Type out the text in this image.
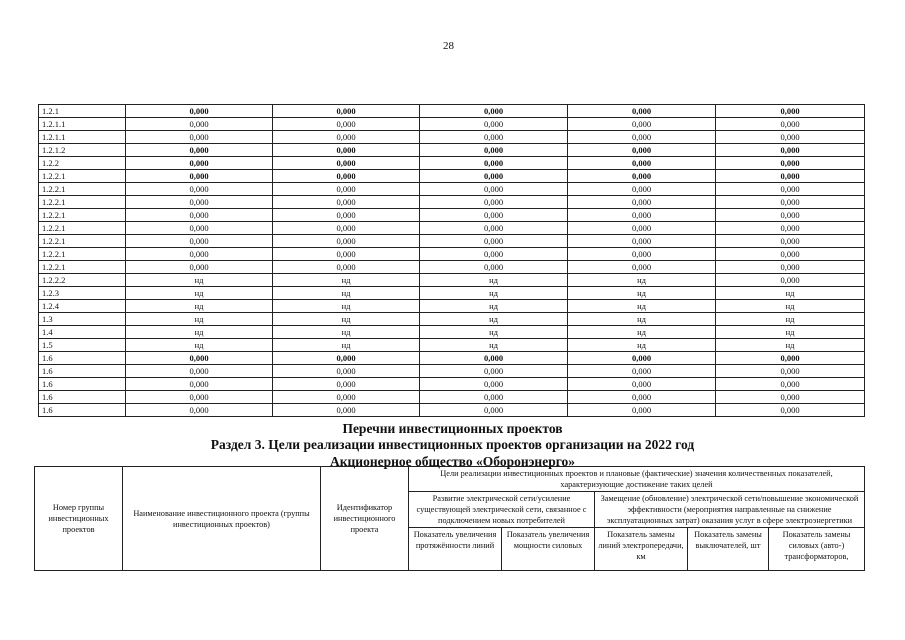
28
1.2.1	0,000	0,000	0,000	0,000	0,000
1.2.1.1	0,000	0,000	0,000	0,000	0,000
1.2.1.1	0,000	0,000	0,000	0,000	0,000
1.2.1.2	0,000	0,000	0,000	0,000	0,000
1.2.2	0,000	0,000	0,000	0,000	0,000
1.2.2.1	0,000	0,000	0,000	0,000	0,000
1.2.2.1	0,000	0,000	0,000	0,000	0,000
1.2.2.1	0,000	0,000	0,000	0,000	0,000
1.2.2.1	0,000	0,000	0,000	0,000	0,000
1.2.2.1	0,000	0,000	0,000	0,000	0,000
1.2.2.1	0,000	0,000	0,000	0,000	0,000
1.2.2.1	0,000	0,000	0,000	0,000	0,000
1.2.2.1	0,000	0,000	0,000	0,000	0,000
1.2.2.2	нд	нд	нд	нд	0,000
1.2.3	нд	нд	нд	нд	нд
1.2.4	нд	нд	нд	нд	нд
1.3	нд	нд	нд	нд	нд
1.4	нд	нд	нд	нд	нд
1.5	нд	нд	нд	нд	нд
1.6	0,000	0,000	0,000	0,000	0,000
1.6	0,000	0,000	0,000	0,000	0,000
1.6	0,000	0,000	0,000	0,000	0,000
1.6	0,000	0,000	0,000	0,000	0,000
1.6	0,000	0,000	0,000	0,000	0,000
Перечни инвестиционных проектов
Раздел 3. Цели реализации инвестиционных проектов организации на 2022 год
Акционерное общество «Оборонэнерго»
Номер группы инвестиционных проектов	Наименование инвестиционного проекта (группы инвестиционных проектов)	Идентификатор инвестиционного проекта	Цели реализации инвестиционных проектов и плановые (фактические) значения количественных показателей, характеризующие достижение таких целей				
			Развитие электрической сети/усиление существующей электрической сети, связанное с подключением новых потребителей		Замещение (обновление) электрической сети/повышение экономической эффективности (мероприятия направленные на снижение эксплуатационных затрат) оказания услуг в сфере электроэнергетики		
			Показатель увеличения протяжённости линий	Показатель увеличения мощности силовых	Показатель замены линий электропередачи, км	Показатель замены выключателей, шт	Показатель замены силовых (авто-) трансформаторов,
